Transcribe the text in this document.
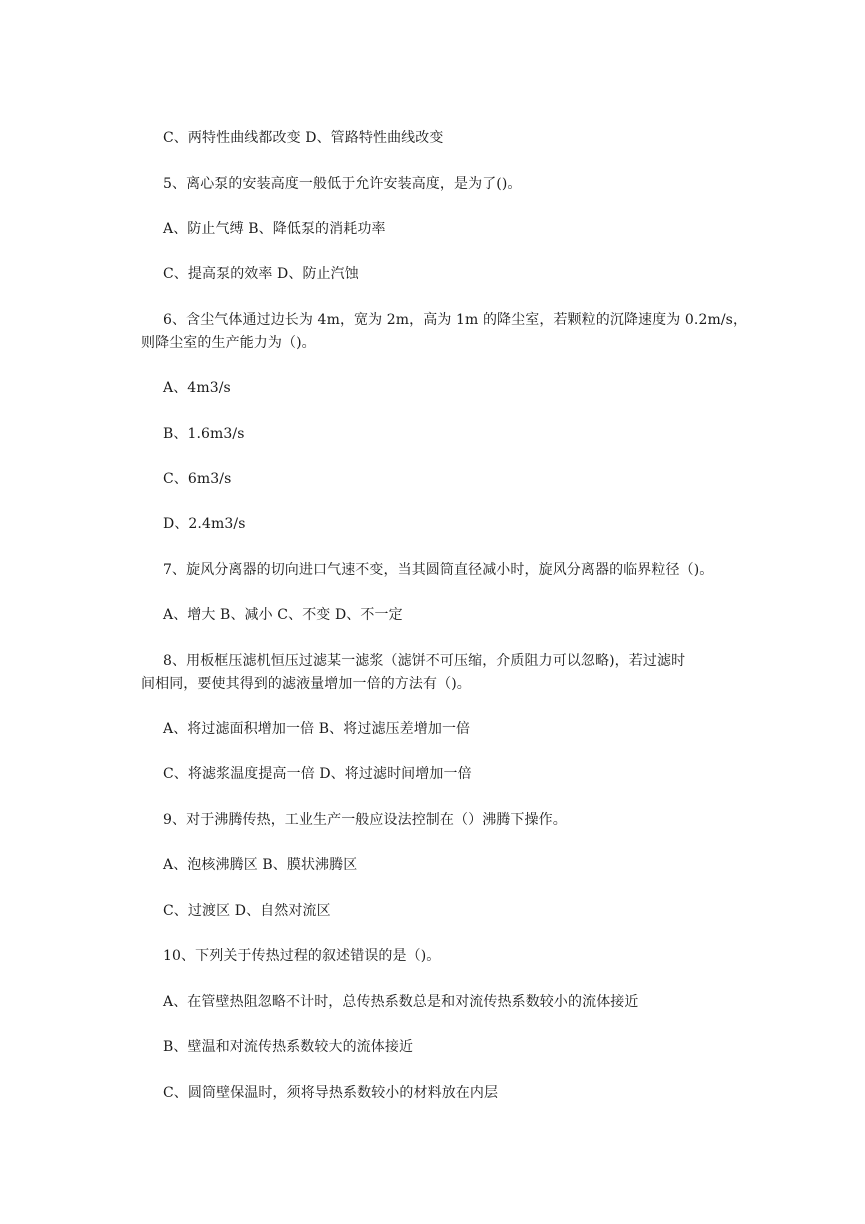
C、两特性曲线都改变 D、管路特性曲线改变
5、离心泵的安装高度一般低于允许安装高度，是为了()。
A、防止气缚 B、降低泵的消耗功率
C、提高泵的效率 D、防止汽蚀
6、含尘气体通过边长为 4m，宽为 2m，高为 1m 的降尘室，若颗粒的沉降速度为 0.2m/s，
则降尘室的生产能力为（)。
A、4m3/s
B、1.6m3/s
C、6m3/s
D、2.4m3/s
7、旋风分离器的切向进口气速不变，当其圆筒直径减小时，旋风分离器的临界粒径（)。
A、增大 B、减小 C、不变 D、不一定
8、用板框压滤机恒压过滤某一滤浆（滤饼不可压缩，介质阻力可以忽略)，若过滤时
间相同，要使其得到的滤液量增加一倍的方法有（)。
A、将过滤面积增加一倍 B、将过滤压差增加一倍
C、将滤浆温度提高一倍 D、将过滤时间增加一倍
9、对于沸腾传热，工业生产一般应设法控制在（）沸腾下操作。
A、泡核沸腾区 B、膜状沸腾区
C、过渡区 D、自然对流区
10、下列关于传热过程的叙述错误的是（)。
A、在管壁热阻忽略不计时，总传热系数总是和对流传热系数较小的流体接近
B、壁温和对流传热系数较大的流体接近
C、圆筒壁保温时，须将导热系数较小的材料放在内层
